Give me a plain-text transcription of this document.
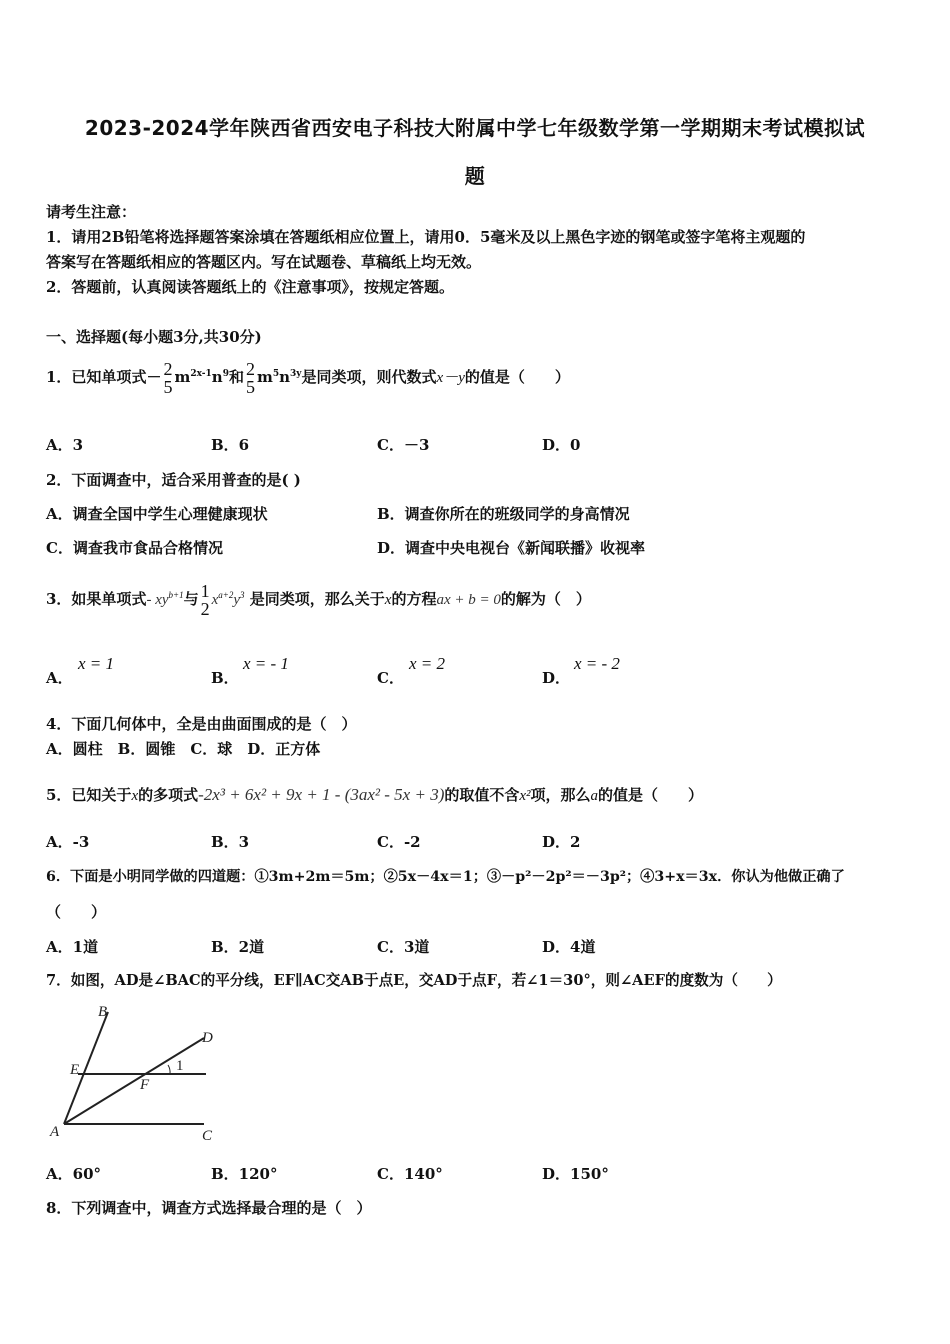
2023-2024学年陕西省西安电子科技大附属中学七年级数学第一学期期末考试模拟试
题
请考生注意：
1．请用2B铅笔将选择题答案涂填在答题纸相应位置上，请用0．5毫米及以上黑色字迹的钢笔或签字笔将主观题的
答案写在答题纸相应的答题区内。写在试题卷、草稿纸上均无效。
2．答题前，认真阅读答题纸上的《注意事项》，按规定答题。
一、选择题(每小题3分,共30分)
1．已知单项式－ 2
5 $m^{2x-1}n^9$和 2
5 $m^5n^{3y}$是同类项，则代数式x－y的值是（　　）
A．3	B．6	C．－3	D．0
2．下面调查中，适合采用普查的是( )
A．调查全国中学生心理健康现状	B．调查你所在的班级同学的身高情况
C．调查我市食品合格情况	D．调查中央电视台《新闻联播》收视率
3．如果单项式- $xy^{b+1}$与 1
2 $x^{a+2}y^3$ 是同类项，那么关于x的方程ax + b = 0的解为（　）
A．
x = 1
B．
x = - 1
C．
x = 2
D．
x = - 2
4．下面几何体中，全是由曲面围成的是（　）
A．圆柱　B．圆锥　C．球　D．正方体
5．已知关于x的多项式-2x³ + 6x² + 9x + 1 - (3ax² - 5x + 3)的取值不含x²项，那么a的值是（　　）
A．-3	B．3	C．-2	D．2
6．下面是小明同学做的四道题：①3m+2m＝5m；②5x－4x＝1；③－p²－2p²＝－3p²；④3+x＝3x．你认为他做正确了
（　　）
A．1道	B．2道	C．3道	D．4道
7．如图，AD是∠BAC的平分线，EF∥AC交AB于点E，交AD于点F，若∠1＝30°，则∠AEF的度数为（　　）
B
D
E
F
1
A	C
A．60°	B．120°	C．140°	D．150°
8．下列调查中，调查方式选择最合理的是（　）
